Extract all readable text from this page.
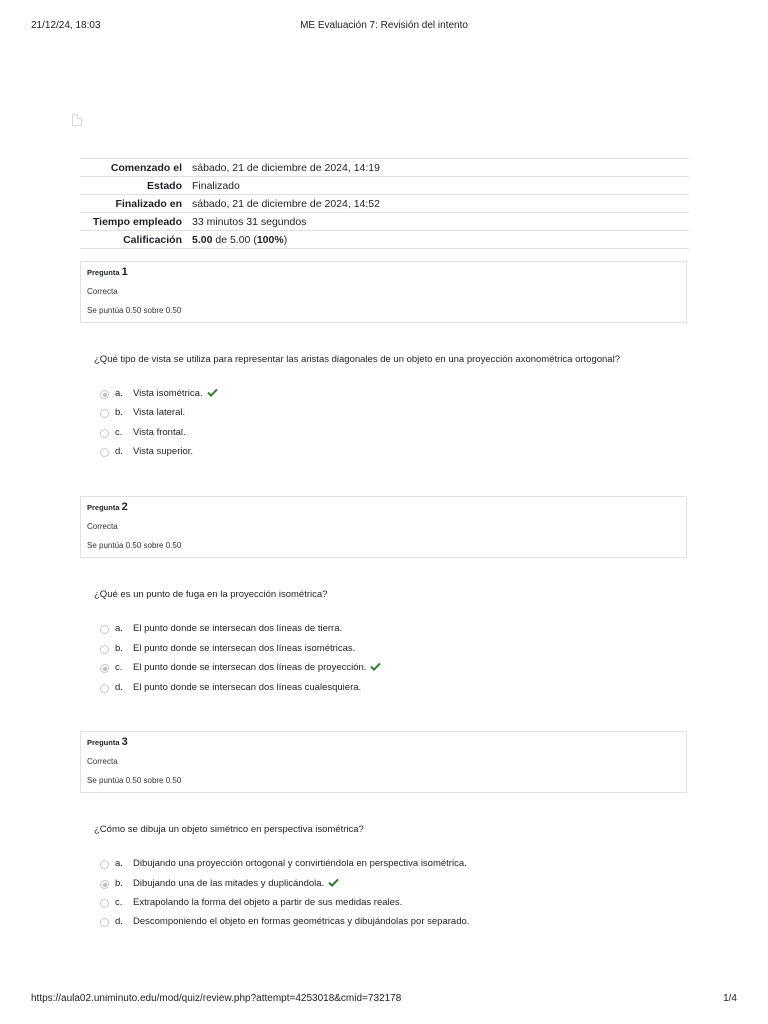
21/12/24, 18:03	ME Evaluación 7: Revisión del intento
Comenzado el	sábado, 21 de diciembre de 2024, 14:19
Estado	Finalizado
Finalizado en	sábado, 21 de diciembre de 2024, 14:52
Tiempo empleado	33 minutos 31 segundos
Calificación	5.00 de 5.00 (100%)
Pregunta 1
Correcta
Se puntúa 0.50 sobre 0.50
¿Qué tipo de vista se utiliza para representar las aristas diagonales de un objeto en una proyección axonométrica ortogonal?
a. Vista isométrica.
b. Vista lateral.
c. Vista frontal.
d. Vista superior.
Pregunta 2
Correcta
Se puntúa 0.50 sobre 0.50
¿Qué es un punto de fuga en la proyección isométrica?
a. El punto donde se intersecan dos líneas de tierra.
b. El punto donde se intersecan dos líneas isométricas.
c. El punto donde se intersecan dos líneas de proyección.
d. El punto donde se intersecan dos líneas cualesquiera.
Pregunta 3
Correcta
Se puntúa 0.50 sobre 0.50
¿Cómo se dibuja un objeto simétrico en perspectiva isométrica?
a. Dibujando una proyección ortogonal y convirtiéndola en perspectiva isométrica.
b. Dibujando una de las mitades y duplicándola.
c. Extrapolando la forma del objeto a partir de sus medidas reales.
d. Descomponiendo el objeto en formas geométricas y dibujándolas por separado.
https://aula02.uniminuto.edu/mod/quiz/review.php?attempt=4253018&cmid=732178	1/4
